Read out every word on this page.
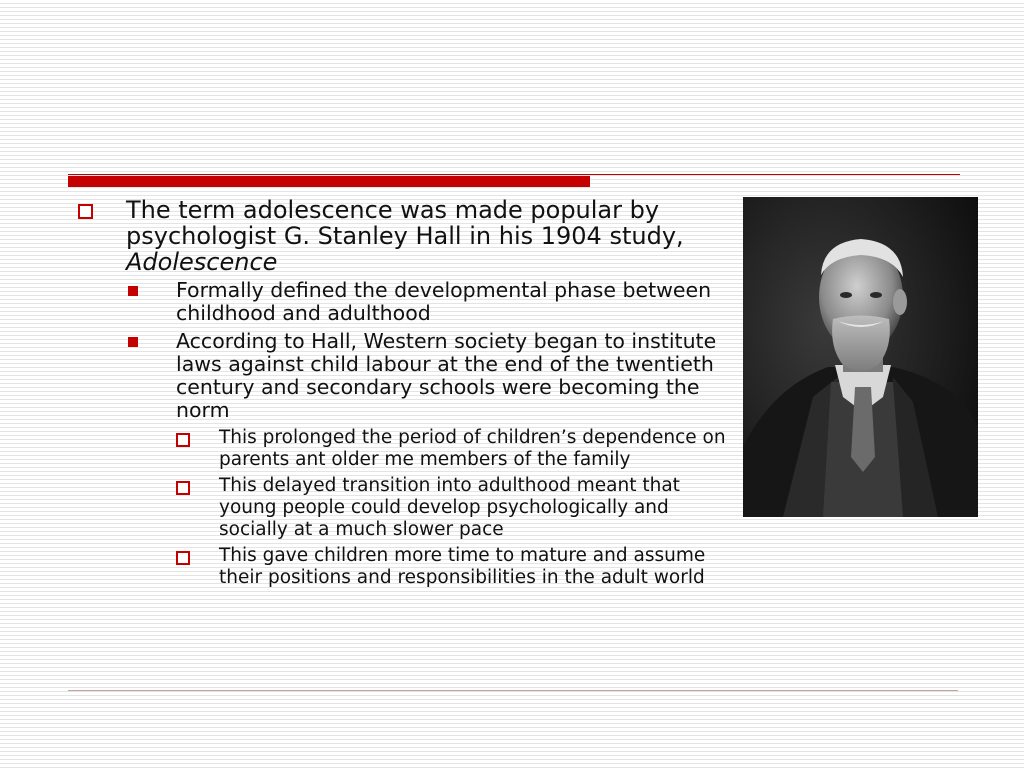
The term adolescence was made popular by psychologist G. Stanley Hall in his 1904 study, Adolescence
Formally defined the developmental phase between childhood and adulthood
According to Hall, Western society began to institute laws against child labour at the end of the twentieth century and secondary schools were becoming the norm
This prolonged the period of children’s dependence on parents ant older me members of the family
This delayed transition into adulthood meant that young people could develop psychologically and socially at a much slower pace
This gave children more time to mature and assume their positions and responsibilities in the adult world
